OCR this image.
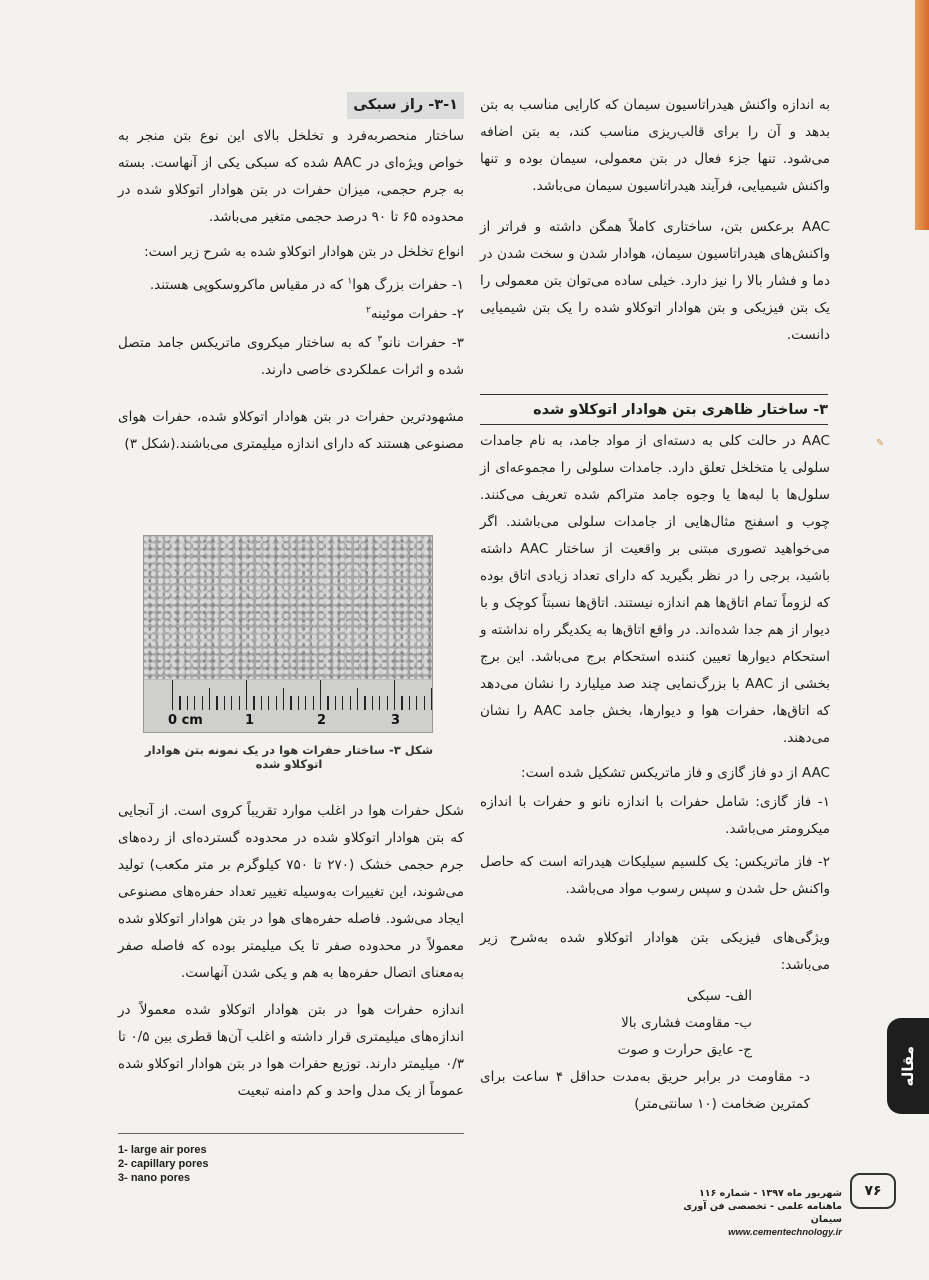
✎

به اندازه واکنش هیدراتاسیون سیمان که کارایی مناسب به بتن بدهد و آن را برای قالب‌ریزی مناسب کند، به بتن اضافه می‌شود. تنها جزء فعال در بتن معمولی، سیمان بوده و تنها واکنش شیمیایی، فرآیند هیدراتاسیون سیمان می‌باشد.

AAC برعکس بتن، ساختاری کاملاً همگن داشته و فراتر از واکنش‌های هیدراتاسیون سیمان، هوادار شدن و سخت شدن در دما و فشار بالا را نیز دارد. خیلی ساده می‌توان بتن معمولی را یک بتن فیزیکی و بتن هوادار اتوکلاو شده را یک بتن شیمیایی دانست.

۳- ساختار ظاهری بتن هوادار اتوکلاو شده

AAC در حالت کلی به دسته‌ای از مواد جامد، به نام جامدات سلولی یا متخلخل تعلق دارد. جامدات سلولی را مجموعه‌ای از سلول‌ها با لبه‌ها یا وجوه جامد متراکم شده تعریف می‌کنند. چوب و اسفنج مثال‌هایی از جامدات سلولی می‌باشند. اگر می‌خواهید تصوری مبتنی بر واقعیت از ساختار AAC داشته باشید، برجی را در نظر بگیرید که دارای تعداد زیادی اتاق بوده که لزوماً تمام اتاق‌ها هم اندازه نیستند. اتاق‌ها نسبتاً کوچک و با دیوار از هم جدا شده‌اند. در واقع اتاق‌ها به یکدیگر راه نداشته و استحکام دیوارها تعیین کننده استحکام برج می‌باشد. این برج بخشی از AAC با بزرگ‌نمایی چند صد میلیارد را نشان می‌دهد که اتاق‌ها، حفرات هوا و دیوارها، بخش جامد AAC را نشان می‌دهند.

AAC از دو فاز گازی و فاز ماتریکس تشکیل شده است:

۱- فاز گازی: شامل حفرات با اندازه نانو و حفرات با اندازه میکرومتر می‌باشد.

۲- فاز ماتریکس: یک کلسیم سیلیکات هیدراته است که حاصل واکنش حل شدن و سپس رسوب مواد می‌باشد.

ویژگی‌های فیزیکی بتن هوادار اتوکلاو شده به‌شرح زیر می‌باشد:

الف- سبکی

ب- مقاومت فشاری بالا

ج- عایق حرارت و صوت

د- مقاومت در برابر حریق به‌مدت حداقل ۴ ساعت برای کمترین ضخامت (۱۰ سانتی‌متر)

۳-۱- راز سبکی

ساختار منحصربه‌فرد و تخلخل بالای این نوع بتن منجر به خواص ویژه‌ای در AAC شده که سبکی یکی از آنهاست. بسته به جرم حجمی، میزان حفرات در بتن هوادار اتوکلاو شده در محدوده ۶۵ تا ۹۰ درصد حجمی متغیر می‌باشد.

انواع تخلخل در بتن هوادار اتوکلاو شده به شرح زیر است:

۱- حفرات بزرگ هوا$^۱$ که در مقیاس ماکروسکوپی هستند.

۲- حفرات موئینه$^۲$

۳- حفرات نانو$^۳$ که به ساختار میکروی ماتریکس جامد متصل شده و اثرات عملکردی خاصی دارند.

مشهودترین حفرات در بتن هوادار اتوکلاو شده، حفرات هوای مصنوعی هستند که دارای اندازه میلیمتری می‌باشند.(شکل ۳)

0 cm	1	2	3
شکل ۳- ساختار حفرات هوا در یک نمونه بتن هوادار اتوکلاو شده

شکل حفرات هوا در اغلب موارد تقریباً کروی است. از آنجایی که بتن هوادار اتوکلاو شده در محدوده گسترده‌ای از رده‌های جرم حجمی خشک (۲۷۰ تا ۷۵۰ کیلوگرم بر متر مکعب) تولید می‌شوند، این تغییرات به‌وسیله تغییر تعداد حفره‌های مصنوعی ایجاد می‌شود. فاصله حفره‌های هوا در بتن هوادار اتوکلاو شده معمولاً در محدوده صفر تا یک میلیمتر بوده که فاصله صفر به‌معنای اتصال حفره‌ها به هم و یکی شدن آنهاست.

اندازه حفرات هوا در بتن هوادار اتوکلاو شده معمولاً در اندازه‌های میلیمتری قرار داشته و اغلب آن‌ها قطری بین ۰/۵ تا ۰/۳ میلیمتر دارند. توزیع حفرات هوا در بتن هوادار اتوکلاو شده عموماً از یک مدل واحد و کم دامنه تبعیت

1- large air pores
2- capillary pores
3- nano pores
مقاله
۷۶
شهریور ماه ۱۳۹۷ - شماره ۱۱۶
ماهنامه علمی - تخصصی فن آوری سیمان
www.cementechnology.ir
